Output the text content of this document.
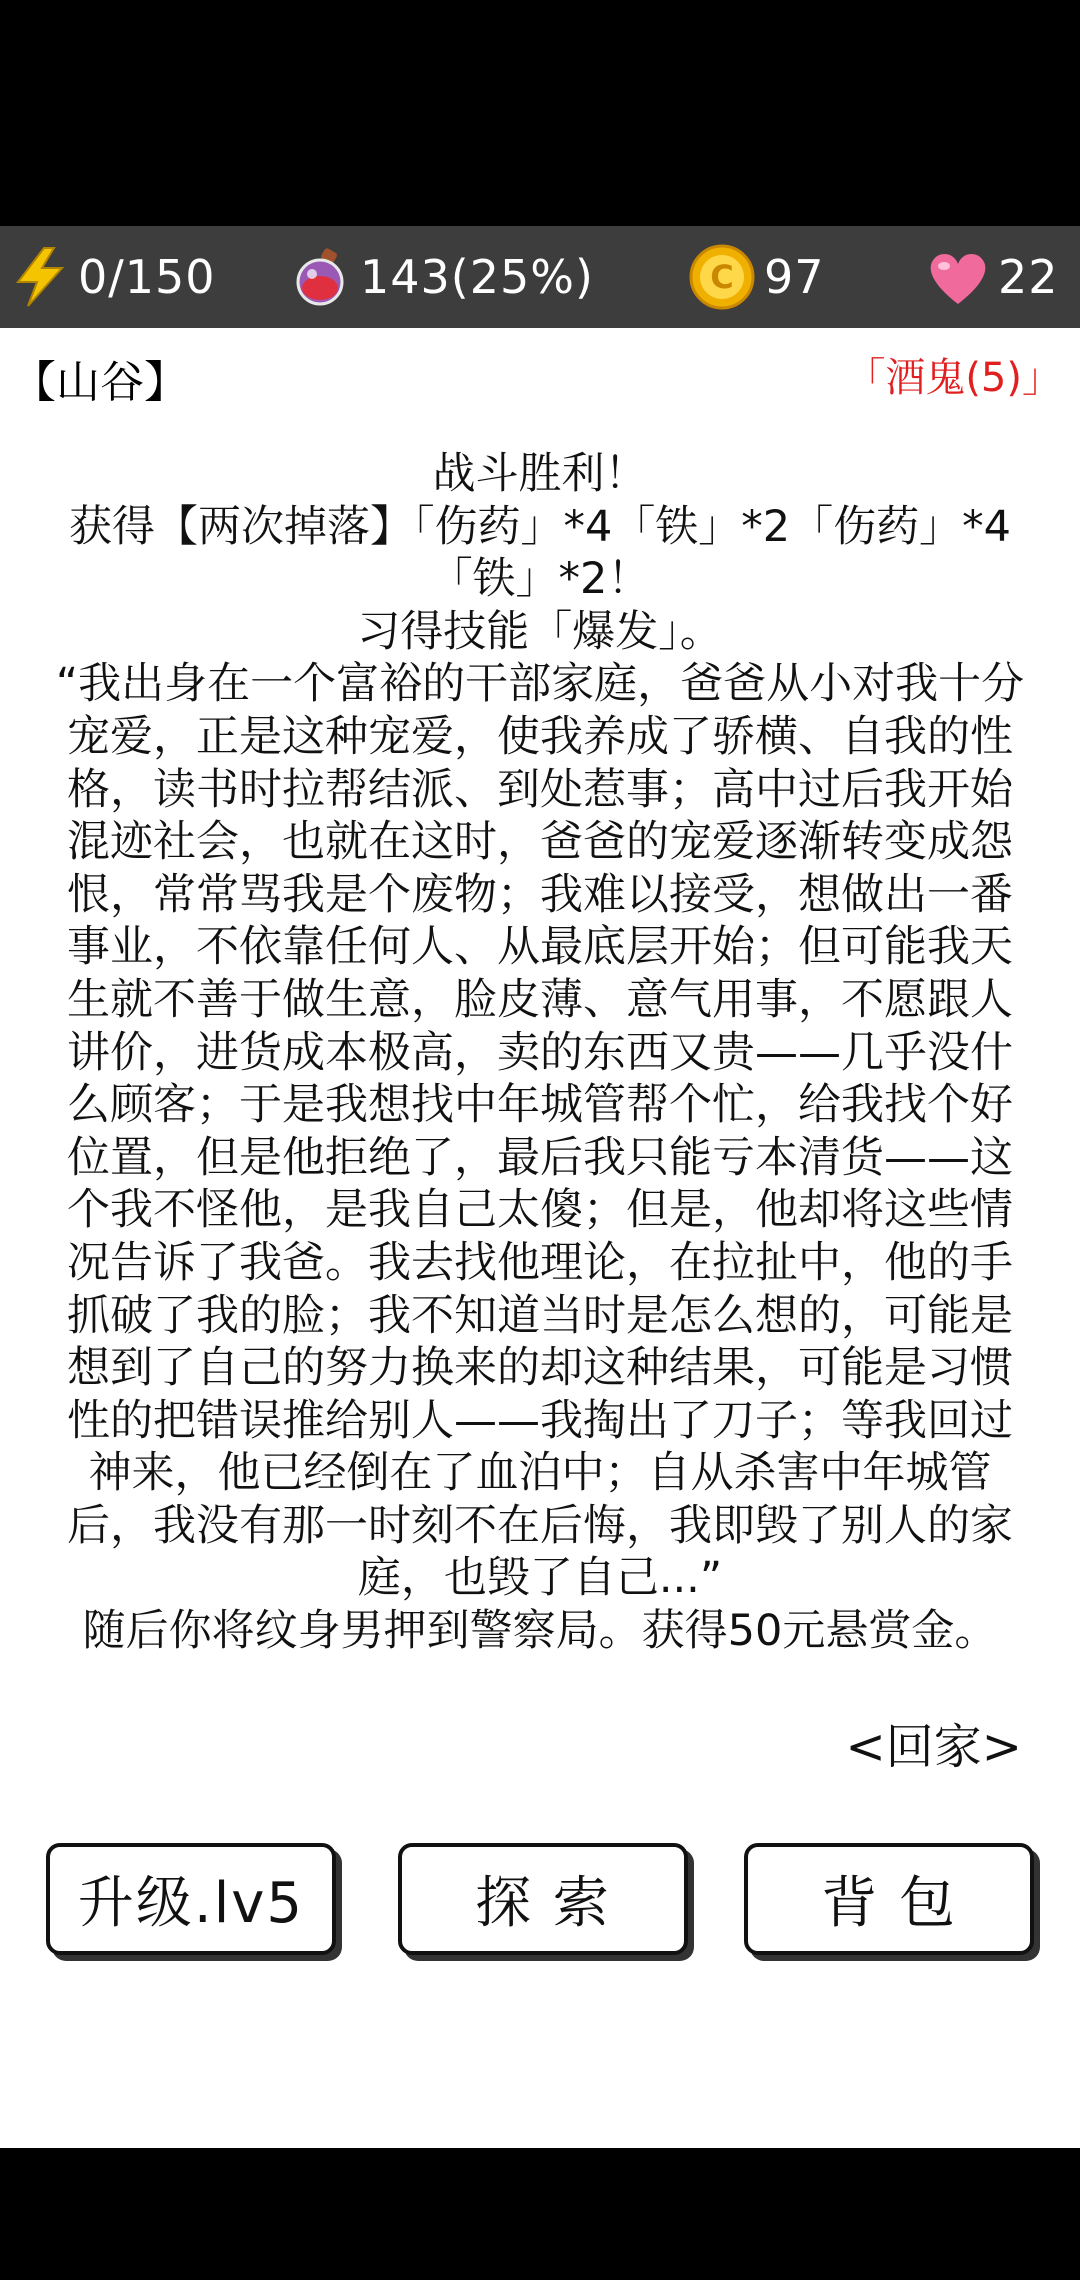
0/150	143(25%)	C 97	22
【山谷】	「酒鬼(5)」

战斗胜利！

获得【两次掉落】「伤药」*4「铁」*2「伤药」*4「铁」*2！

习得技能「爆发」。

“我出身在一个富裕的干部家庭，爸爸从小对我十分宠爱，正是这种宠爱，使我养成了骄横、自我的性格，读书时拉帮结派、到处惹事；高中过后我开始混迹社会，也就在这时，爸爸的宠爱逐渐转变成怨恨，常常骂我是个废物；我难以接受，想做出一番事业，不依靠任何人、从最底层开始；但可能我天生就不善于做生意，脸皮薄、意气用事，不愿跟人讲价，进货成本极高，卖的东西又贵——几乎没什么顾客；于是我想找中年城管帮个忙，给我找个好位置，但是他拒绝了，最后我只能亏本清货——这个我不怪他，是我自己太傻；但是，他却将这些情况告诉了我爸。我去找他理论，在拉扯中，他的手抓破了我的脸；我不知道当时是怎么想的，可能是想到了自己的努力换来的却这种结果，可能是习惯性的把错误推给别人——我掏出了刀子；等我回过神来，他已经倒在了血泊中；自从杀害中年城管后，我没有那一时刻不在后悔，我即毁了别人的家庭，也毁了自己...”

随后你将纹身男押到警察局。获得50元悬赏金。

<回家>
升级.lv5	探 索	背 包
